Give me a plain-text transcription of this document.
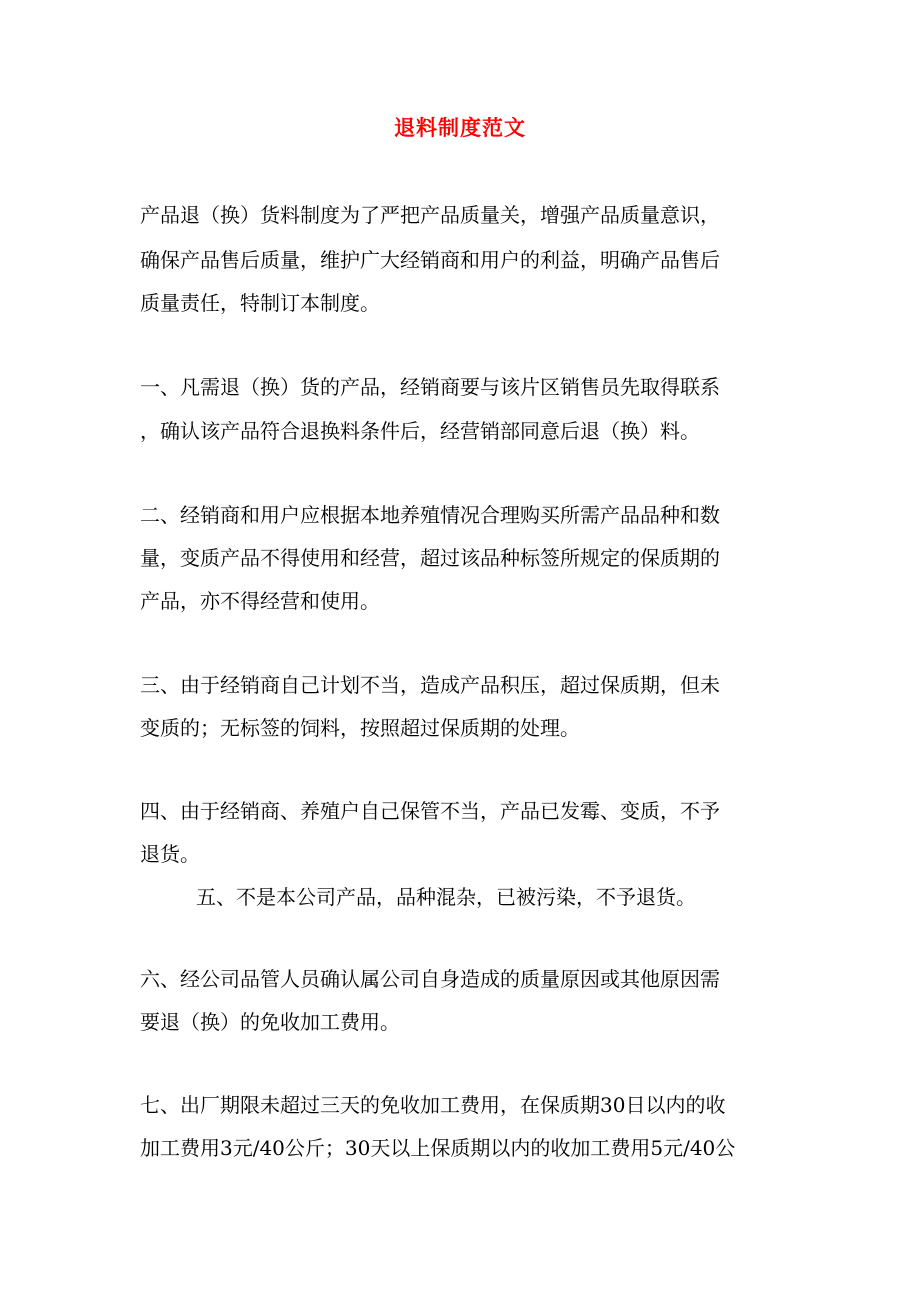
退料制度范文
产品退（换）货料制度为了严把产品质量关，增强产品质量意识，
确保产品售后质量，维护广大经销商和用户的利益，明确产品售后
质量责任，特制订本制度。
一、凡需退（换）货的产品，经销商要与该片区销售员先取得联系
，确认该产品符合退换料条件后，经营销部同意后退（换）料。
二、经销商和用户应根据本地养殖情况合理购买所需产品品种和数
量，变质产品不得使用和经营，超过该品种标签所规定的保质期的
产品，亦不得经营和使用。
三、由于经销商自己计划不当，造成产品积压，超过保质期，但未
变质的；无标签的饲料，按照超过保质期的处理。
四、由于经销商、养殖户自己保管不当，产品已发霉、变质，不予
退货。
五、不是本公司产品，品种混杂，已被污染，不予退货。
六、经公司品管人员确认属公司自身造成的质量原因或其他原因需
要退（换）的免收加工费用。
七、出厂期限未超过三天的免收加工费用，在保质期30日以内的收
加工费用3元/40公斤；30天以上保质期以内的收加工费用5元/40公
